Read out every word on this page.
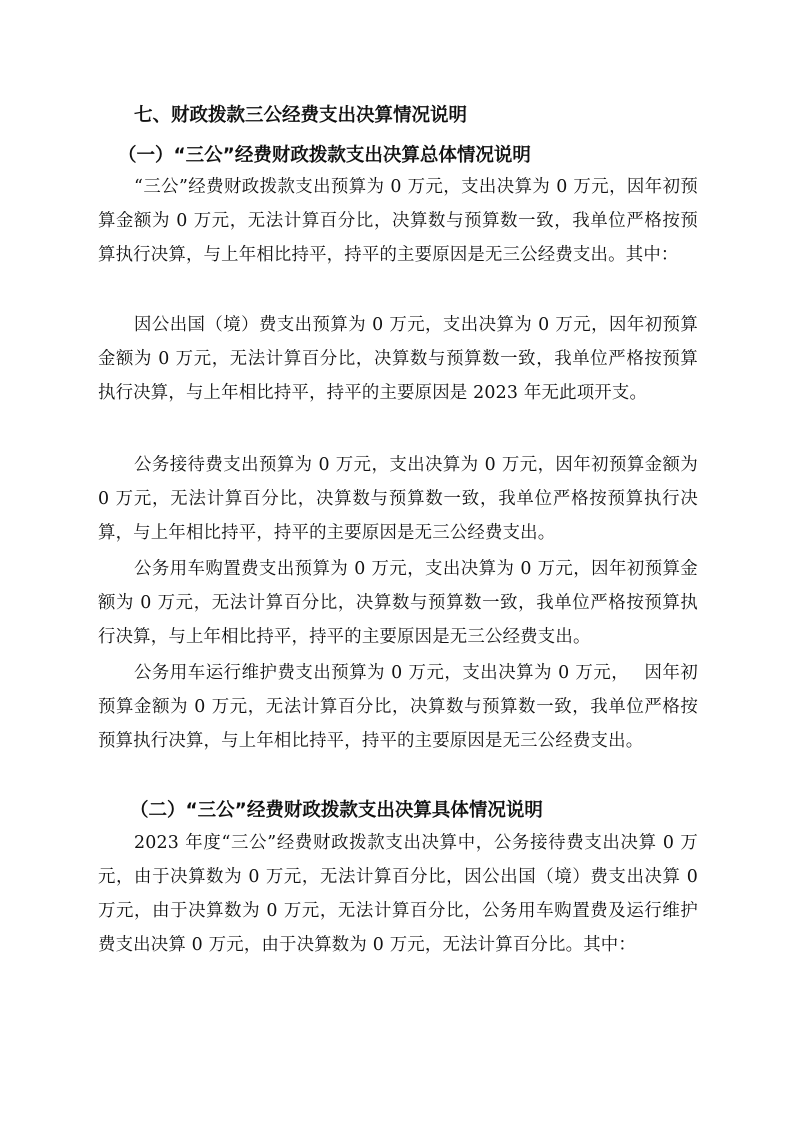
七、财政拨款三公经费支出决算情况说明
（一）“三公”经费财政拨款支出决算总体情况说明

“三公”经费财政拨款支出预算为 0 万元，支出决算为 0 万元，因年初预算金额为 0 万元，无法计算百分比，决算数与预算数一致，我单位严格按预算执行决算，与上年相比持平，持平的主要原因是无三公经费支出。其中：

因公出国（境）费支出预算为 0 万元，支出决算为 0 万元，因年初预算金额为 0 万元，无法计算百分比，决算数与预算数一致，我单位严格按预算执行决算，与上年相比持平，持平的主要原因是 2023 年无此项开支。

公务接待费支出预算为 0 万元，支出决算为 0 万元，因年初预算金额为 0 万元，无法计算百分比，决算数与预算数一致，我单位严格按预算执行决算，与上年相比持平，持平的主要原因是无三公经费支出。

公务用车购置费支出预算为 0 万元，支出决算为 0 万元，因年初预算金额为 0 万元，无法计算百分比，决算数与预算数一致，我单位严格按预算执行决算，与上年相比持平，持平的主要原因是无三公经费支出。

公务用车运行维护费支出预算为 0 万元，支出决算为 0 万元，　 因年初预算金额为 0 万元，无法计算百分比，决算数与预算数一致，我单位严格按预算执行决算，与上年相比持平，持平的主要原因是无三公经费支出。

（二）“三公”经费财政拨款支出决算具体情况说明

2023 年度“三公”经费财政拨款支出决算中，公务接待费支出决算 0 万元，由于决算数为 0 万元，无法计算百分比，因公出国（境）费支出决算 0 万元，由于决算数为 0 万元，无法计算百分比，公务用车购置费及运行维护费支出决算 0 万元，由于决算数为 0 万元，无法计算百分比。其中：
